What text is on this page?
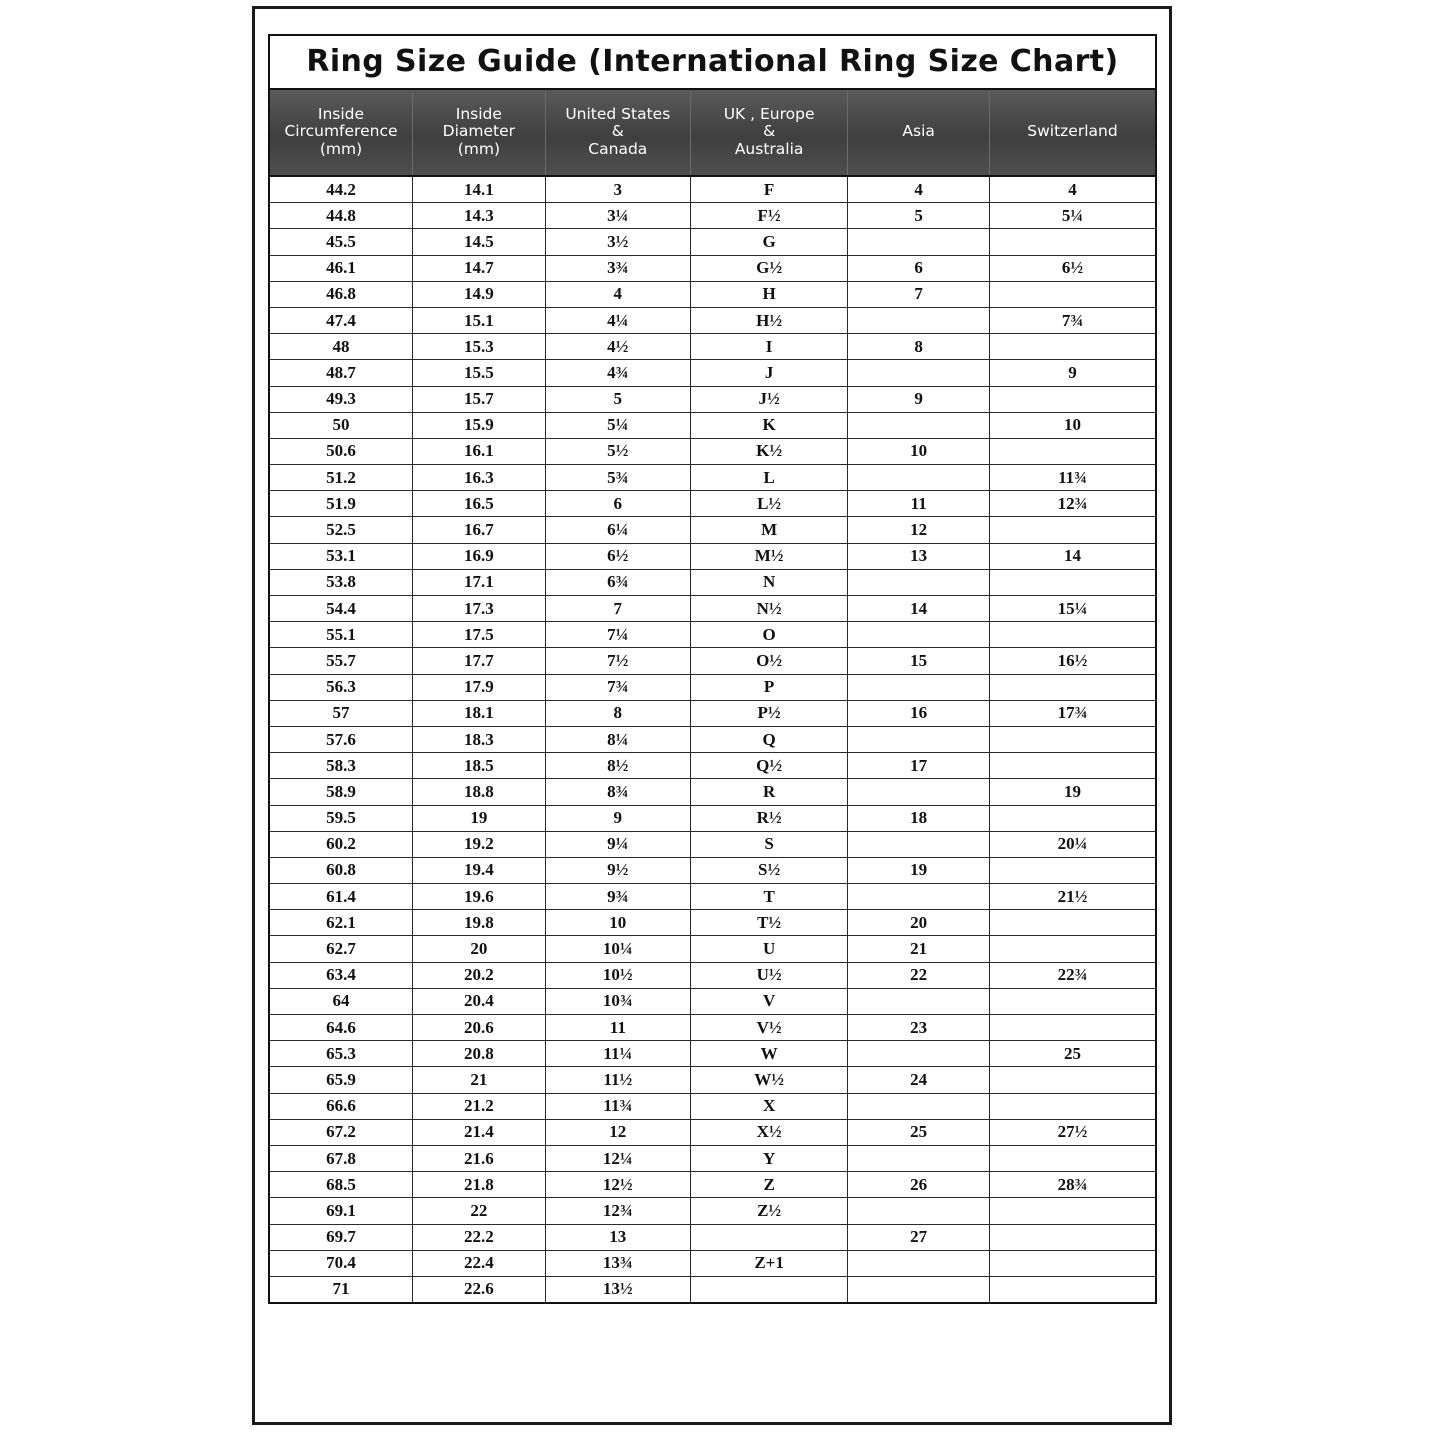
Ring Size Guide (International Ring Size Chart)
Inside
Circumference
(mm)	Inside
Diameter
(mm)	United States
&
Canada	UK , Europe
&
Australia	Asia	Switzerland

44.2	14.1	3	F	4	4
44.8	14.3	3¼	F½	5	5¼
45.5	14.5	3½	G		
46.1	14.7	3¾	G½	6	6½
46.8	14.9	4	H	7	
47.4	15.1	4¼	H½		7¾
48	15.3	4½	I	8	
48.7	15.5	4¾	J		9
49.3	15.7	5	J½	9	
50	15.9	5¼	K		10
50.6	16.1	5½	K½	10	
51.2	16.3	5¾	L		11¾
51.9	16.5	6	L½	11	12¾
52.5	16.7	6¼	M	12	
53.1	16.9	6½	M½	13	14
53.8	17.1	6¾	N		
54.4	17.3	7	N½	14	15¼
55.1	17.5	7¼	O		
55.7	17.7	7½	O½	15	16½
56.3	17.9	7¾	P		
57	18.1	8	P½	16	17¾
57.6	18.3	8¼	Q		
58.3	18.5	8½	Q½	17	
58.9	18.8	8¾	R		19
59.5	19	9	R½	18	
60.2	19.2	9¼	S		20¼
60.8	19.4	9½	S½	19	
61.4	19.6	9¾	T		21½
62.1	19.8	10	T½	20	
62.7	20	10¼	U	21	
63.4	20.2	10½	U½	22	22¾
64	20.4	10¾	V		
64.6	20.6	11	V½	23	
65.3	20.8	11¼	W		25
65.9	21	11½	W½	24	
66.6	21.2	11¾	X		
67.2	21.4	12	X½	25	27½
67.8	21.6	12¼	Y		
68.5	21.8	12½	Z	26	28¾
69.1	22	12¾	Z½		
69.7	22.2	13		27	
70.4	22.4	13¾	Z+1		
71	22.6	13½			
